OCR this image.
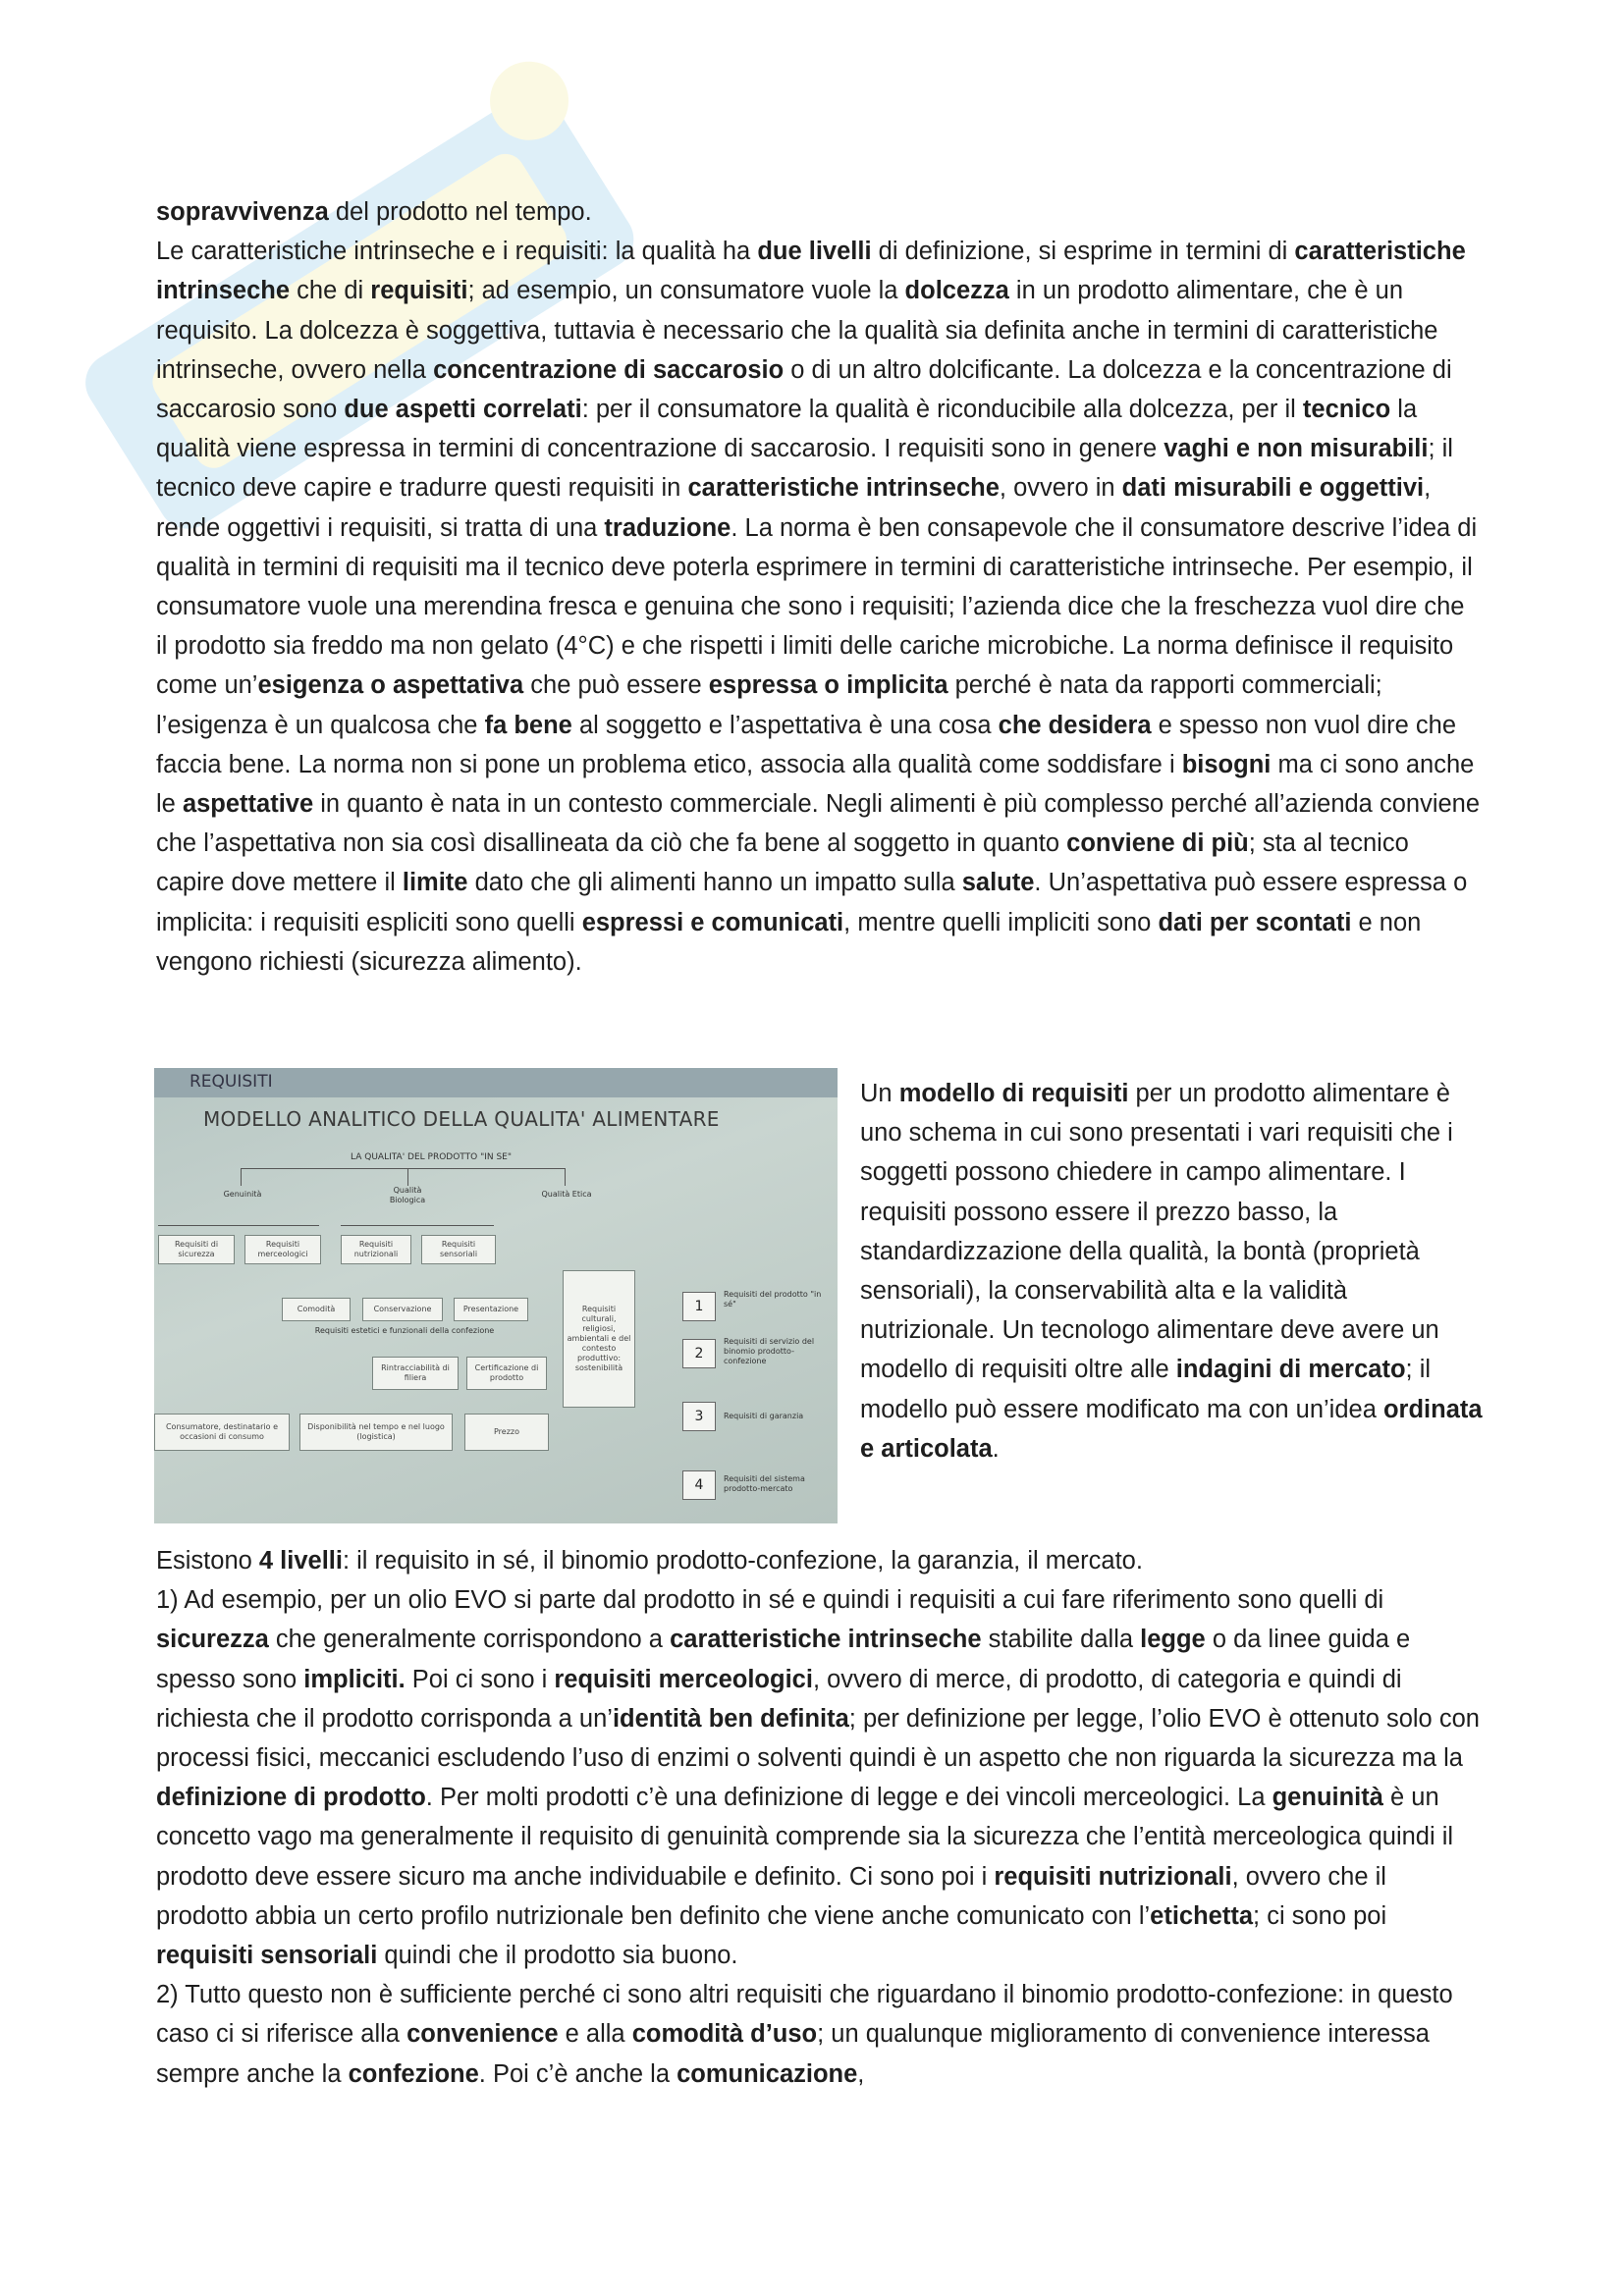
sopravvivenza del prodotto nel tempo.

Le caratteristiche intrinseche e i requisiti: la qualità ha due livelli di definizione, si esprime in termini di caratteristiche intrinseche che di requisiti; ad esempio, un consumatore vuole la dolcezza in un prodotto alimentare, che è un requisito. La dolcezza è soggettiva, tuttavia è necessario che la qualità sia definita anche in termini di caratteristiche intrinseche, ovvero nella concentrazione di saccarosio o di un altro dolcificante. La dolcezza e la concentrazione di saccarosio sono due aspetti correlati: per il consumatore la qualità è riconducibile alla dolcezza, per il tecnico la qualità viene espressa in termini di concentrazione di saccarosio. I requisiti sono in genere vaghi e non misurabili; il tecnico deve capire e tradurre questi requisiti in caratteristiche intrinseche, ovvero in dati misurabili e oggettivi, rende oggettivi i requisiti, si tratta di una traduzione. La norma è ben consapevole che il consumatore descrive l’idea di qualità in termini di requisiti ma il tecnico deve poterla esprimere in termini di caratteristiche intrinseche. Per esempio, il consumatore vuole una merendina fresca e genuina che sono i requisiti; l’azienda dice che la freschezza vuol dire che il prodotto sia freddo ma non gelato (4°C) e che rispetti i limiti delle cariche microbiche. La norma definisce il requisito come un’esigenza o aspettativa che può essere espressa o implicita perché è nata da rapporti commerciali; l’esigenza è un qualcosa che fa bene al soggetto e l’aspettativa è una cosa che desidera e spesso non vuol dire che faccia bene. La norma non si pone un problema etico, associa alla qualità come soddisfare i bisogni ma ci sono anche le aspettative in quanto è nata in un contesto commerciale. Negli alimenti è più complesso perché all’azienda conviene che l’aspettativa non sia così disallineata da ciò che fa bene al soggetto in quanto conviene di più; sta al tecnico capire dove mettere il limite dato che gli alimenti hanno un impatto sulla salute. Un’aspettativa può essere espressa o implicita: i requisiti espliciti sono quelli espressi e comunicati, mentre quelli impliciti sono dati per scontati e non vengono richiesti (sicurezza alimento).

REQUISITI
MODELLO ANALITICO DELLA QUALITA' ALIMENTARE
LA QUALITA' DEL PRODOTTO "IN SE"
Genuinità	Qualità Biologica
Qualità Etica
Requisiti di sicurezza
Requisiti merceologici
Requisiti nutrizionali
Requisiti sensoriali
Requisiti culturali, religiosi, ambientali e del contesto produttivo: sostenibilità
Comodità	Conservazione	Presentazione
Requisiti estetici e funzionali della confezione
Rintracciabilità di filiera
Certificazione di prodotto
Consumatore, destinatario e occasioni di consumo
Disponibilità nel tempo e nel luogo (logistica)
Prezzo
1
Requisiti del prodotto "in sé"
2
Requisiti di servizio del binomio prodotto-confezione
3	Requisiti di garanzia
4	Requisiti del sistema prodotto-mercato

Un modello di requisiti per un prodotto alimentare è uno schema in cui sono presentati i vari requisiti che i soggetti possono chiedere in campo alimentare. I requisiti possono essere il prezzo basso, la standardizzazione della qualità, la bontà (proprietà sensoriali), la conservabilità alta e la validità nutrizionale. Un tecnologo alimentare deve avere un modello di requisiti oltre alle indagini di mercato; il modello può essere modificato ma con un’idea ordinata e articolata.

Esistono 4 livelli: il requisito in sé, il binomio prodotto-confezione, la garanzia, il mercato.

1) Ad esempio, per un olio EVO si parte dal prodotto in sé e quindi i requisiti a cui fare riferimento sono quelli di sicurezza che generalmente corrispondono a caratteristiche intrinseche stabilite dalla legge o da linee guida e spesso sono impliciti. Poi ci sono i requisiti merceologici, ovvero di merce, di prodotto, di categoria e quindi di richiesta che il prodotto corrisponda a un’identità ben definita; per definizione per legge, l’olio EVO è ottenuto solo con processi fisici, meccanici escludendo l’uso di enzimi o solventi quindi è un aspetto che non riguarda la sicurezza ma la definizione di prodotto. Per molti prodotti c’è una definizione di legge e dei vincoli merceologici. La genuinità è un concetto vago ma generalmente il requisito di genuinità comprende sia la sicurezza che l’entità merceologica quindi il prodotto deve essere sicuro ma anche individuabile e definito. Ci sono poi i requisiti nutrizionali, ovvero che il prodotto abbia un certo profilo nutrizionale ben definito che viene anche comunicato con l’etichetta; ci sono poi requisiti sensoriali quindi che il prodotto sia buono.

2) Tutto questo non è sufficiente perché ci sono altri requisiti che riguardano il binomio prodotto-confezione: in questo caso ci si riferisce alla convenience e alla comodità d’uso; un qualunque miglioramento di convenience interessa sempre anche la confezione. Poi c’è anche la comunicazione,
